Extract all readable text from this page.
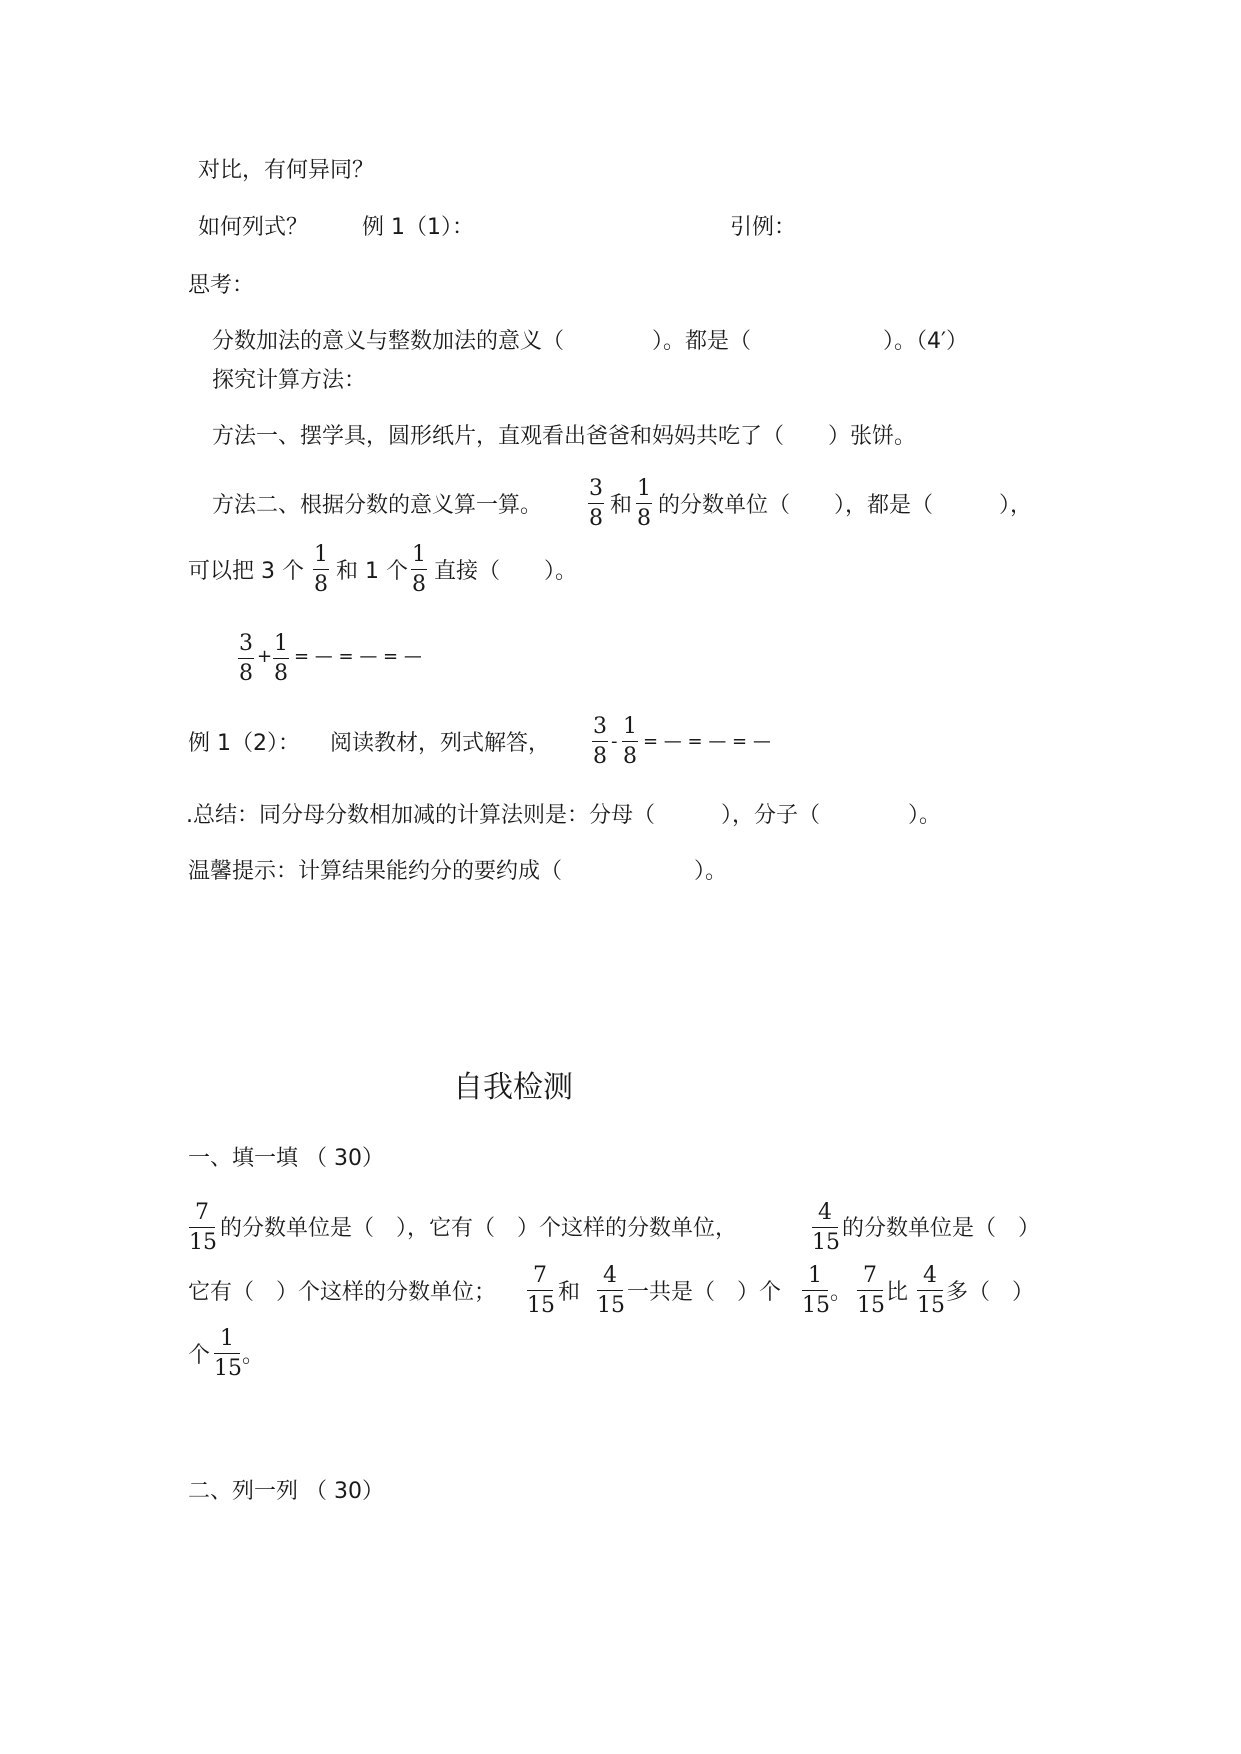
对比，有何异同？
如何列式？ 例 1（1）：	引例：
思考：
分数加法的意义与整数加法的意义（　　　　）。都是（　　　　　　）。（4′）
探究计算方法：
方法一、摆学具，圆形纸片，直观看出爸爸和妈妈共吃了（　　）张饼。
方法二、根据分数的意义算一算。
3
8
和
1
8
的分数单位（　　），都是（　　　），
可以把 3 个
1
8
和 1 个
1
8
直接（　　）。
3
8
+
1
8
= — = — = —
例 1（2）： 阅读教材，列式解答，
3
8
-
1
8
= — = — = —
.总结：同分母分数相加减的计算法则是：分母（　　　），分子（　　　　）。
温馨提示：计算结果能约分的要约成（　　　　　　）。
自我检测
一、填一填 （ 30）
7
15
的分数单位是（　），它有（　）个这样的分数单位，
4
15
的分数单位是（　）
它有（　）个这样的分数单位；
7
15
和
4
15
一共是（　）个
1
15
。
7
15
比
4
15
多（　）
个
1
15
。
二、列一列 （ 30）
